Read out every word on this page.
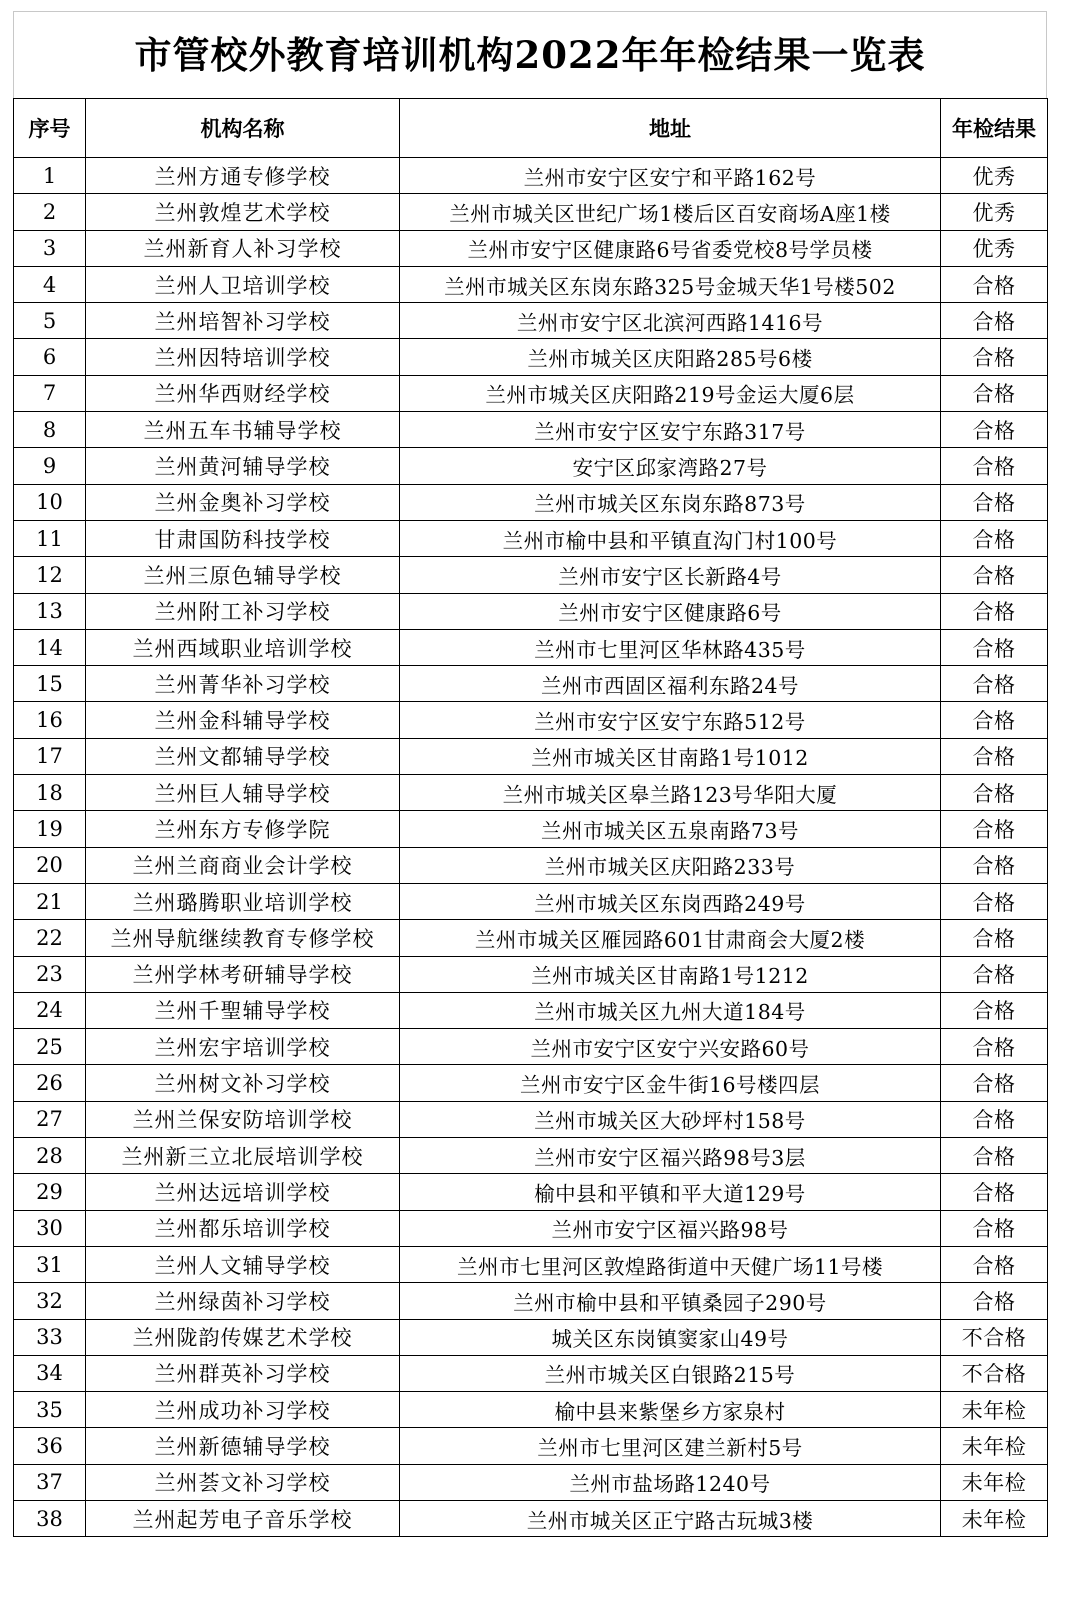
市管校外教育培训机构2022年年检结果一览表
序号	机构名称	地址	年检结果
1	兰州方通专修学校	兰州市安宁区安宁和平路162号	优秀
2	兰州敦煌艺术学校	兰州市城关区世纪广场1楼后区百安商场A座1楼	优秀
3	兰州新育人补习学校	兰州市安宁区健康路6号省委党校8号学员楼	优秀
4	兰州人卫培训学校	兰州市城关区东岗东路325号金城天华1号楼502	合格
5	兰州培智补习学校	兰州市安宁区北滨河西路1416号	合格
6	兰州因特培训学校	兰州市城关区庆阳路285号6楼	合格
7	兰州华西财经学校	兰州市城关区庆阳路219号金运大厦6层	合格
8	兰州五车书辅导学校	兰州市安宁区安宁东路317号	合格
9	兰州黄河辅导学校	安宁区邱家湾路27号	合格
10	兰州金奥补习学校	兰州市城关区东岗东路873号	合格
11	甘肃国防科技学校	兰州市榆中县和平镇直沟门村100号	合格
12	兰州三原色辅导学校	兰州市安宁区长新路4号	合格
13	兰州附工补习学校	兰州市安宁区健康路6号	合格
14	兰州西域职业培训学校	兰州市七里河区华林路435号	合格
15	兰州菁华补习学校	兰州市西固区福利东路24号	合格
16	兰州金科辅导学校	兰州市安宁区安宁东路512号	合格
17	兰州文都辅导学校	兰州市城关区甘南路1号1012	合格
18	兰州巨人辅导学校	兰州市城关区皋兰路123号华阳大厦	合格
19	兰州东方专修学院	兰州市城关区五泉南路73号	合格
20	兰州兰商商业会计学校	兰州市城关区庆阳路233号	合格
21	兰州璐腾职业培训学校	兰州市城关区东岗西路249号	合格
22	兰州导航继续教育专修学校	兰州市城关区雁园路601甘肃商会大厦2楼	合格
23	兰州学林考研辅导学校	兰州市城关区甘南路1号1212	合格
24	兰州千聖辅导学校	兰州市城关区九州大道184号	合格
25	兰州宏宇培训学校	兰州市安宁区安宁兴安路60号	合格
26	兰州树文补习学校	兰州市安宁区金牛街16号楼四层	合格
27	兰州兰保安防培训学校	兰州市城关区大砂坪村158号	合格
28	兰州新三立北辰培训学校	兰州市安宁区福兴路98号3层	合格
29	兰州达远培训学校	榆中县和平镇和平大道129号	合格
30	兰州都乐培训学校	兰州市安宁区福兴路98号	合格
31	兰州人文辅导学校	兰州市七里河区敦煌路街道中天健广场11号楼	合格
32	兰州绿茵补习学校	兰州市榆中县和平镇桑园子290号	合格
33	兰州陇韵传媒艺术学校	城关区东岗镇窦家山49号	不合格
34	兰州群英补习学校	兰州市城关区白银路215号	不合格
35	兰州成功补习学校	榆中县来紫堡乡方家泉村	未年检
36	兰州新德辅导学校	兰州市七里河区建兰新村5号	未年检
37	兰州荟文补习学校	兰州市盐场路1240号	未年检
38	兰州起芳电子音乐学校	兰州市城关区正宁路古玩城3楼	未年检
